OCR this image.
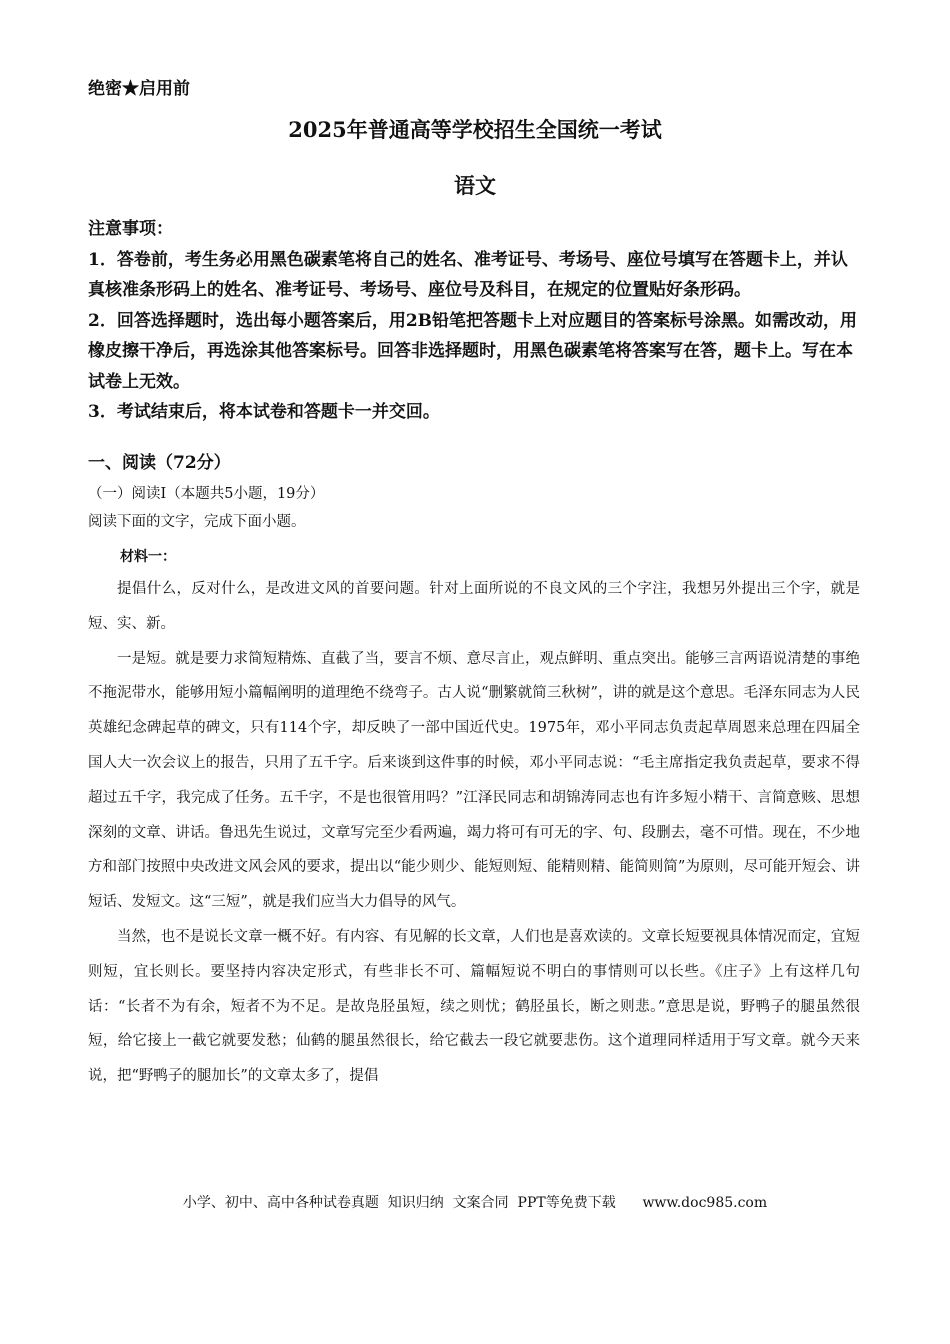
绝密★启用前
2025年普通高等学校招生全国统一考试
语文

注意事项：

1．答卷前，考生务必用黑色碳素笔将自己的姓名、准考证号、考场号、座位号填写在答题卡上，并认真核准条形码上的姓名、准考证号、考场号、座位号及科目，在规定的位置贴好条形码。

2．回答选择题时，选出每小题答案后，用2B铅笔把答题卡上对应题目的答案标号涂黑。如需改动，用橡皮擦干净后，再选涂其他答案标号。回答非选择题时，用黑色碳素笔将答案写在答，题卡上。写在本试卷上无效。

3．考试结束后，将本试卷和答题卡一并交回。

一、阅读（72分）
（一）阅读Ⅰ（本题共5小题，19分）
阅读下面的文字，完成下面小题。
材料一：

提倡什么，反对什么，是改进文风的首要问题。针对上面所说的不良文风的三个字注，我想另外提出三个字，就是短、实、新。

一是短。就是要力求简短精炼、直截了当，要言不烦、意尽言止，观点鲜明、重点突出。能够三言两语说清楚的事绝不拖泥带水，能够用短小篇幅阐明的道理绝不绕弯子。古人说“删繁就简三秋树”，讲的就是这个意思。毛泽东同志为人民英雄纪念碑起草的碑文，只有114个字，却反映了一部中国近代史。1975年，邓小平同志负责起草周恩来总理在四届全国人大一次会议上的报告，只用了五千字。后来谈到这件事的时候，邓小平同志说：“毛主席指定我负责起草，要求不得超过五千字，我完成了任务。五千字，不是也很管用吗？”江泽民同志和胡锦涛同志也有许多短小精干、言简意赅、思想深刻的文章、讲话。鲁迅先生说过，文章写完至少看两遍，竭力将可有可无的字、句、段删去，毫不可惜。现在，不少地方和部门按照中央改进文风会风的要求，提出以“能少则少、能短则短、能精则精、能简则简”为原则，尽可能开短会、讲短话、发短文。这“三短”，就是我们应当大力倡导的风气。

当然，也不是说长文章一概不好。有内容、有见解的长文章，人们也是喜欢读的。文章长短要视具体情况而定，宜短则短，宜长则长。要坚持内容决定形式，有些非长不可、篇幅短说不明白的事情则可以长些。《庄子》上有这样几句话：“长者不为有余，短者不为不足。是故凫胫虽短，续之则忧；鹤胫虽长，断之则悲。”意思是说，野鸭子的腿虽然很短，给它接上一截它就要发愁；仙鹤的腿虽然很长，给它截去一段它就要悲伤。这个道理同样适用于写文章。就今天来说，把“野鸭子的腿加长”的文章太多了，提倡

小学、初中、高中各种试卷真题  知识归纳  文案合同  PPT等免费下载      www.doc985.com
